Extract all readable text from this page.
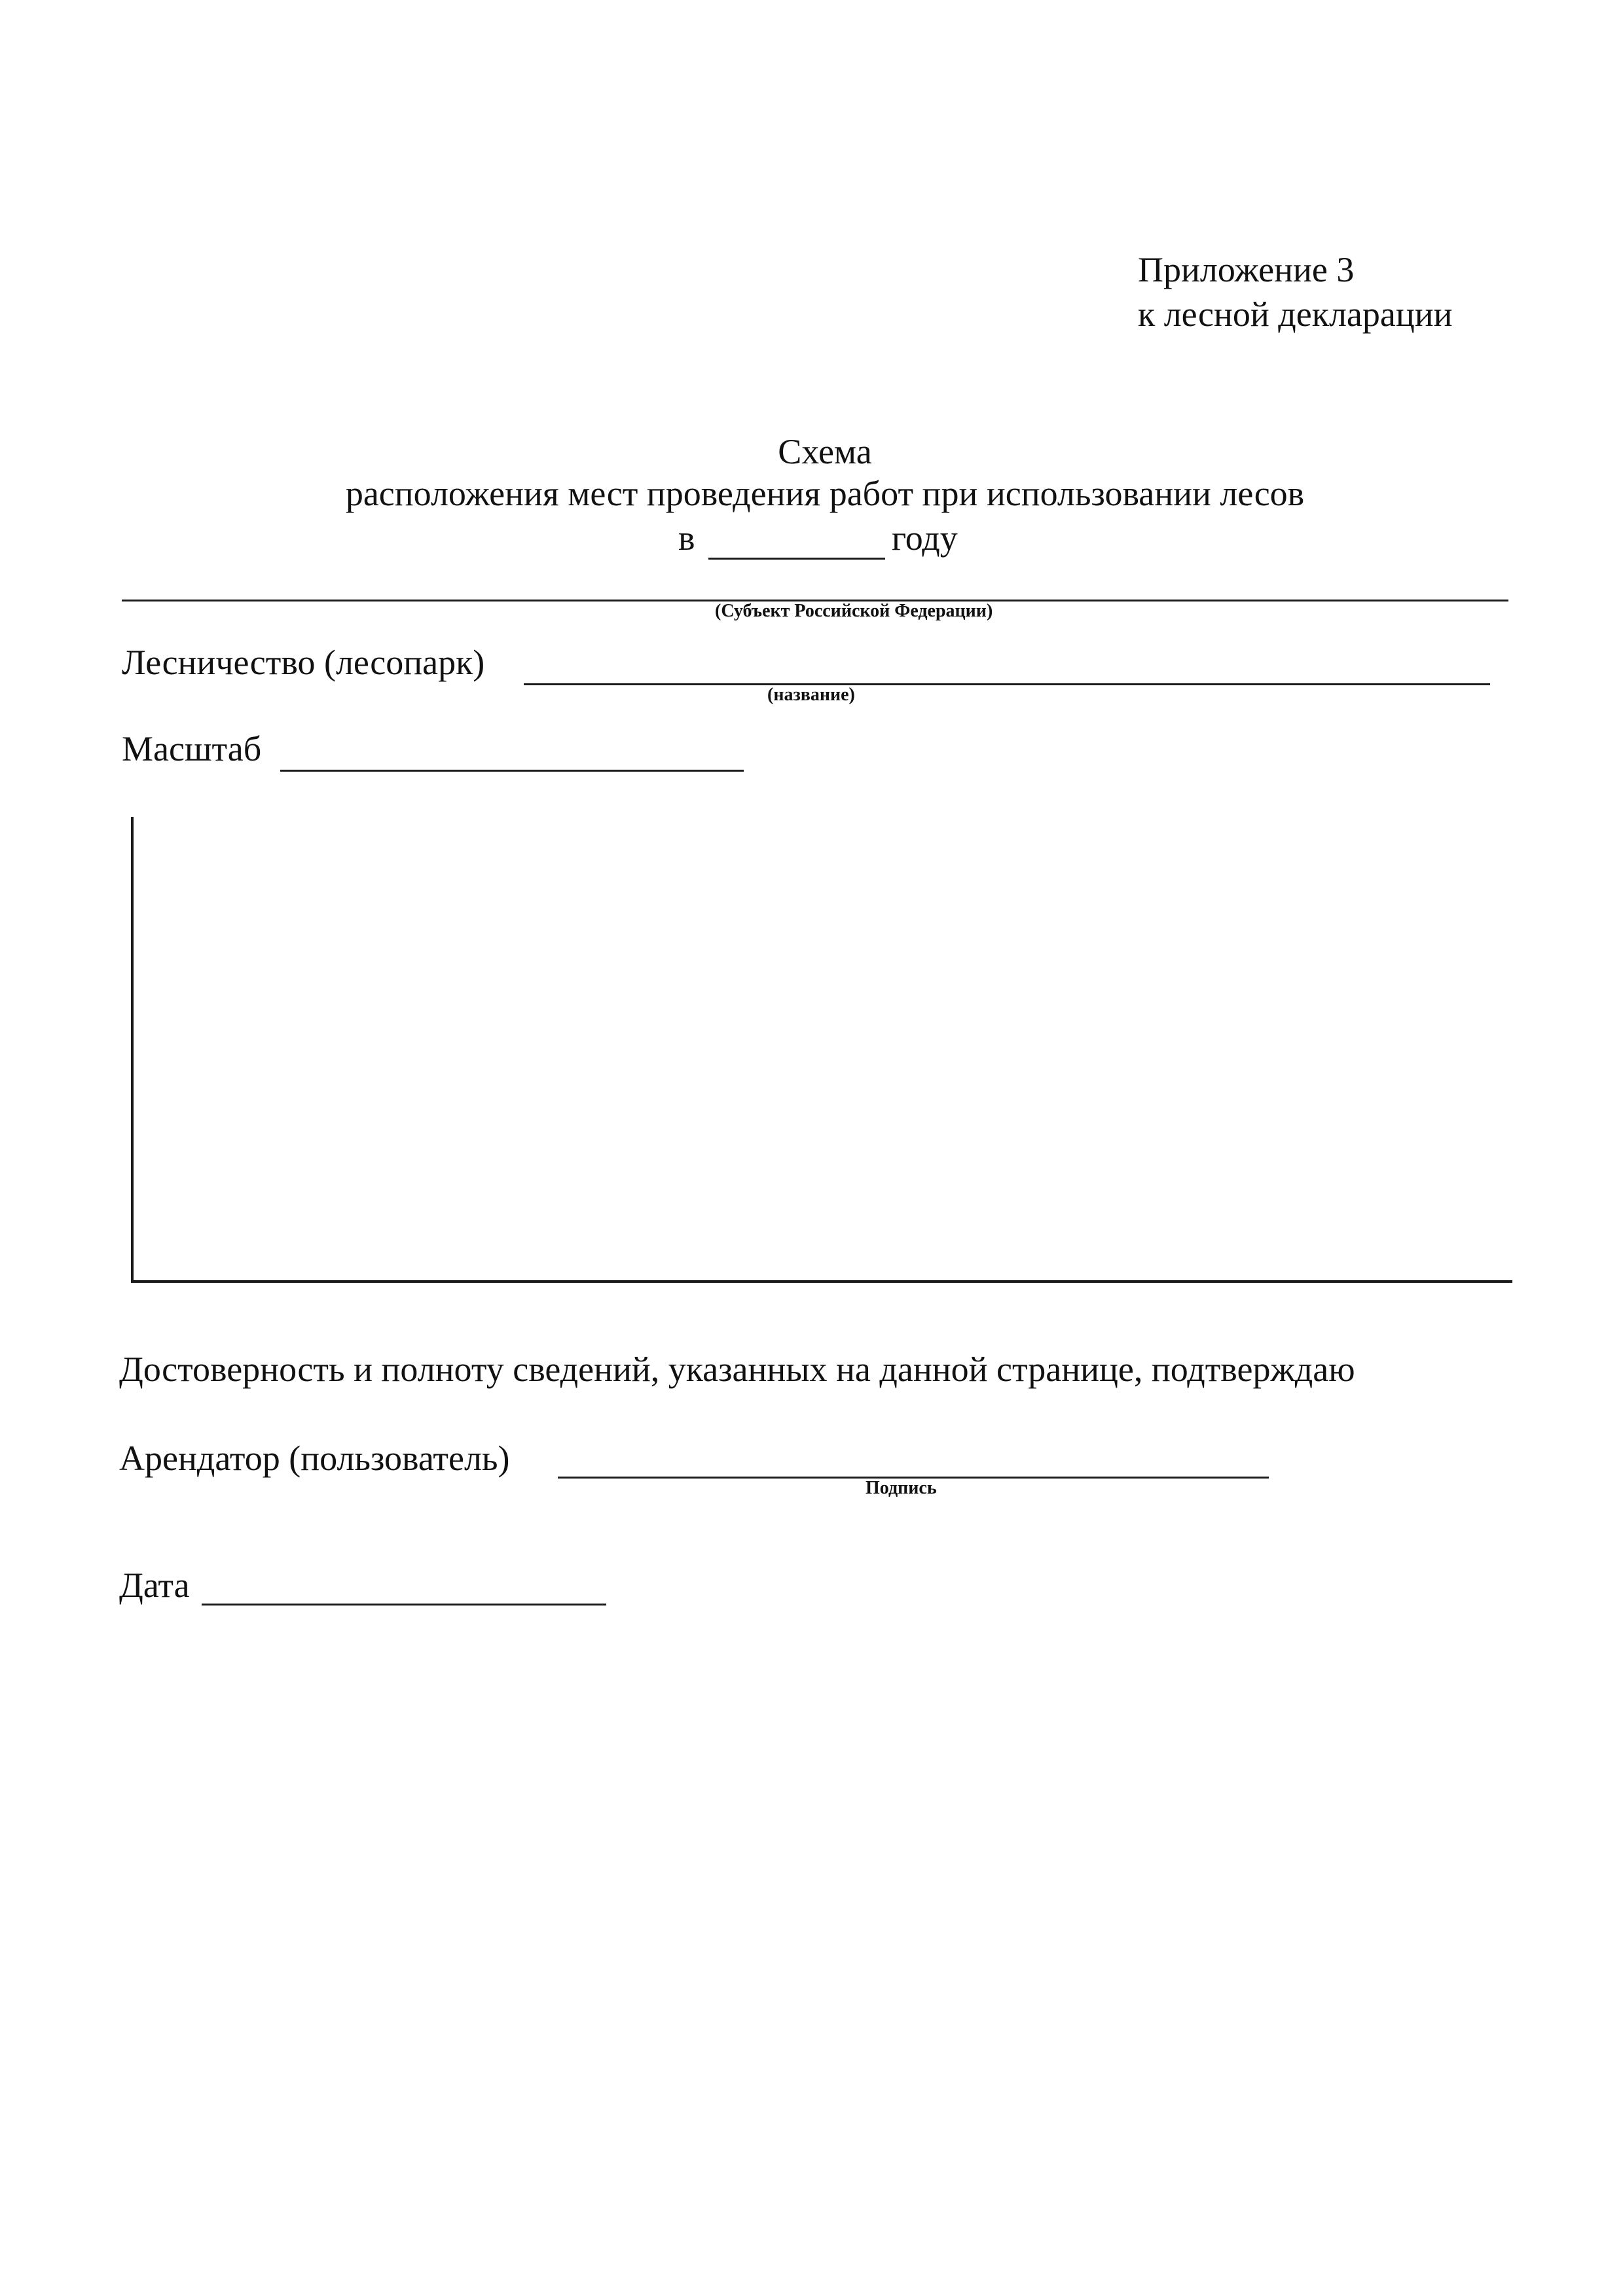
Приложение 3
к лесной декларации
Схема
расположения мест проведения работ при использовании лесов
в	году
(Субъект Российской Федерации)
Лесничество (лесопарк)
(название)
Масштаб
Достоверность и полноту сведений, указанных на данной странице, подтверждаю
Арендатор (пользователь)
Подпись
Дата
